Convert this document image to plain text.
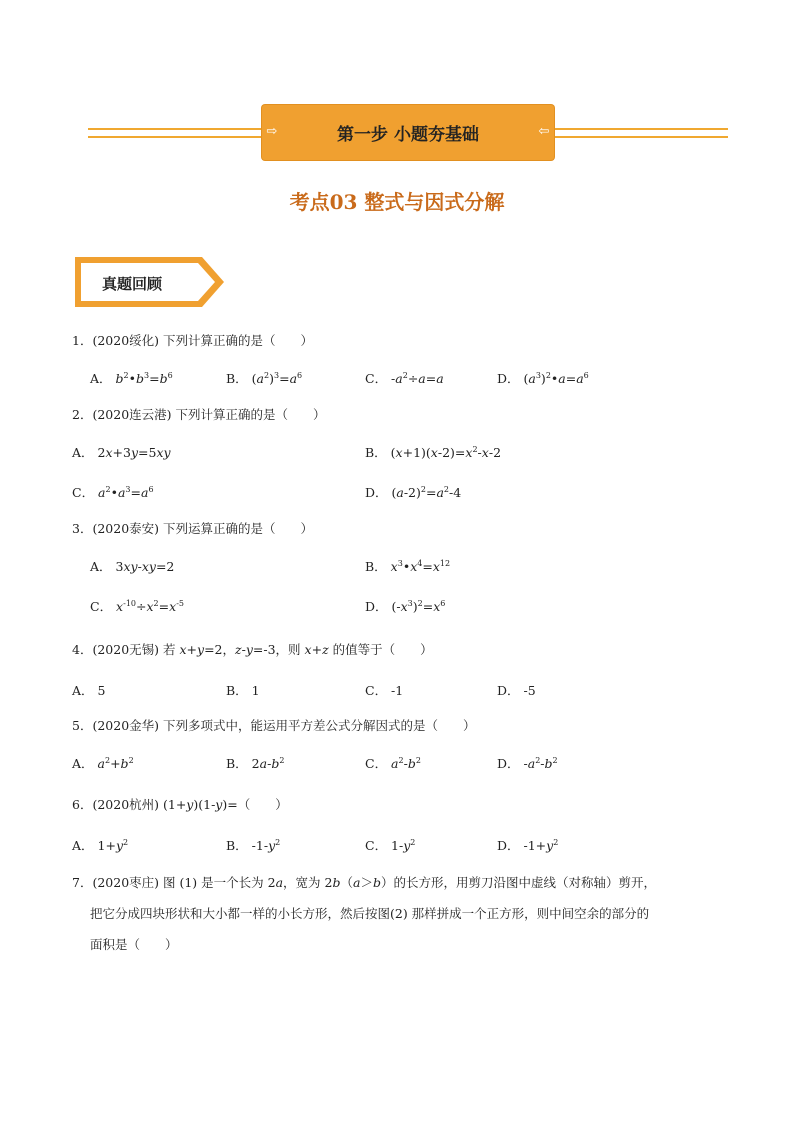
⇨	第一步 小题夯基础	⇦
考点03 整式与因式分解
真题回顾
1．(2020绥化) 下列计算正确的是（　　）
A． $b^2•b^3=b^6$	B． $(a^2)^3=a^6$	C． $-a^2\div a=a$	D． $(a^3)^2•a=a^6$
2．(2020连云港) 下列计算正确的是（　　）
A． 2x+3y=5xy	B． $(x+1)(x-2)=x^2-x-2$
C． $a^2•a^3=a^6$	D． $(a-2)^2=a^2-4$
3．(2020泰安) 下列运算正确的是（　　）
A． 3xy-xy=2	B． $x^3•x^4=x^{12}$
C． $x^{-10}\div x^2=x^{-5}$	D． $(-x^3)^2=x^6$
4．(2020无锡) 若 x+y=2，z-y=-3，则 x+z 的值等于（　　）
A． 5	B． 1	C． -1	D． -5
5．(2020金华) 下列多项式中，能运用平方差公式分解因式的是（　　）
A． $a^2+b^2$	B． $2a-b^2$	C． $a^2-b^2$	D． $-a^2-b^2$
6．(2020杭州) (1+y)(1-y)=（　　）
A． $1+y^2$	B． $-1-y^2$	C． $1-y^2$	D． $-1+y^2$
7．(2020枣庄) 图 (1) 是一个长为 2a，宽为 2b（a＞b）的长方形，用剪刀沿图中虚线（对称轴）剪开，
把它分成四块形状和大小都一样的小长方形，然后按图(2) 那样拼成一个正方形，则中间空余的部分的
面积是（　　）
